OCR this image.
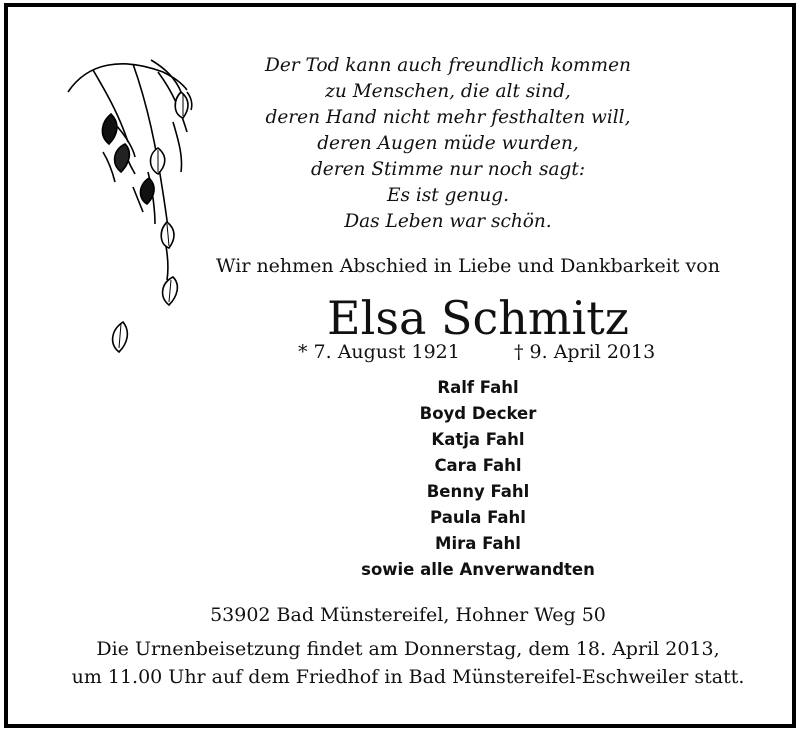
Der Tod kann auch freundlich kommen
zu Menschen, die alt sind,
deren Hand nicht mehr festhalten will,
deren Augen müde wurden,
deren Stimme nur noch sagt:
Es ist genug.
Das Leben war schön.
Wir nehmen Abschied in Liebe und Dankbarkeit von
Elsa Schmitz
* 7. August 1921	† 9. April 2013
Ralf Fahl
Boyd Decker
Katja Fahl
Cara Fahl
Benny Fahl
Paula Fahl
Mira Fahl
sowie alle Anverwandten
53902 Bad Münstereifel, Hohner Weg 50
Die Urnenbeisetzung findet am Donnerstag, dem 18. April 2013,
um 11.00 Uhr auf dem Friedhof in Bad Münstereifel-Eschweiler statt.
